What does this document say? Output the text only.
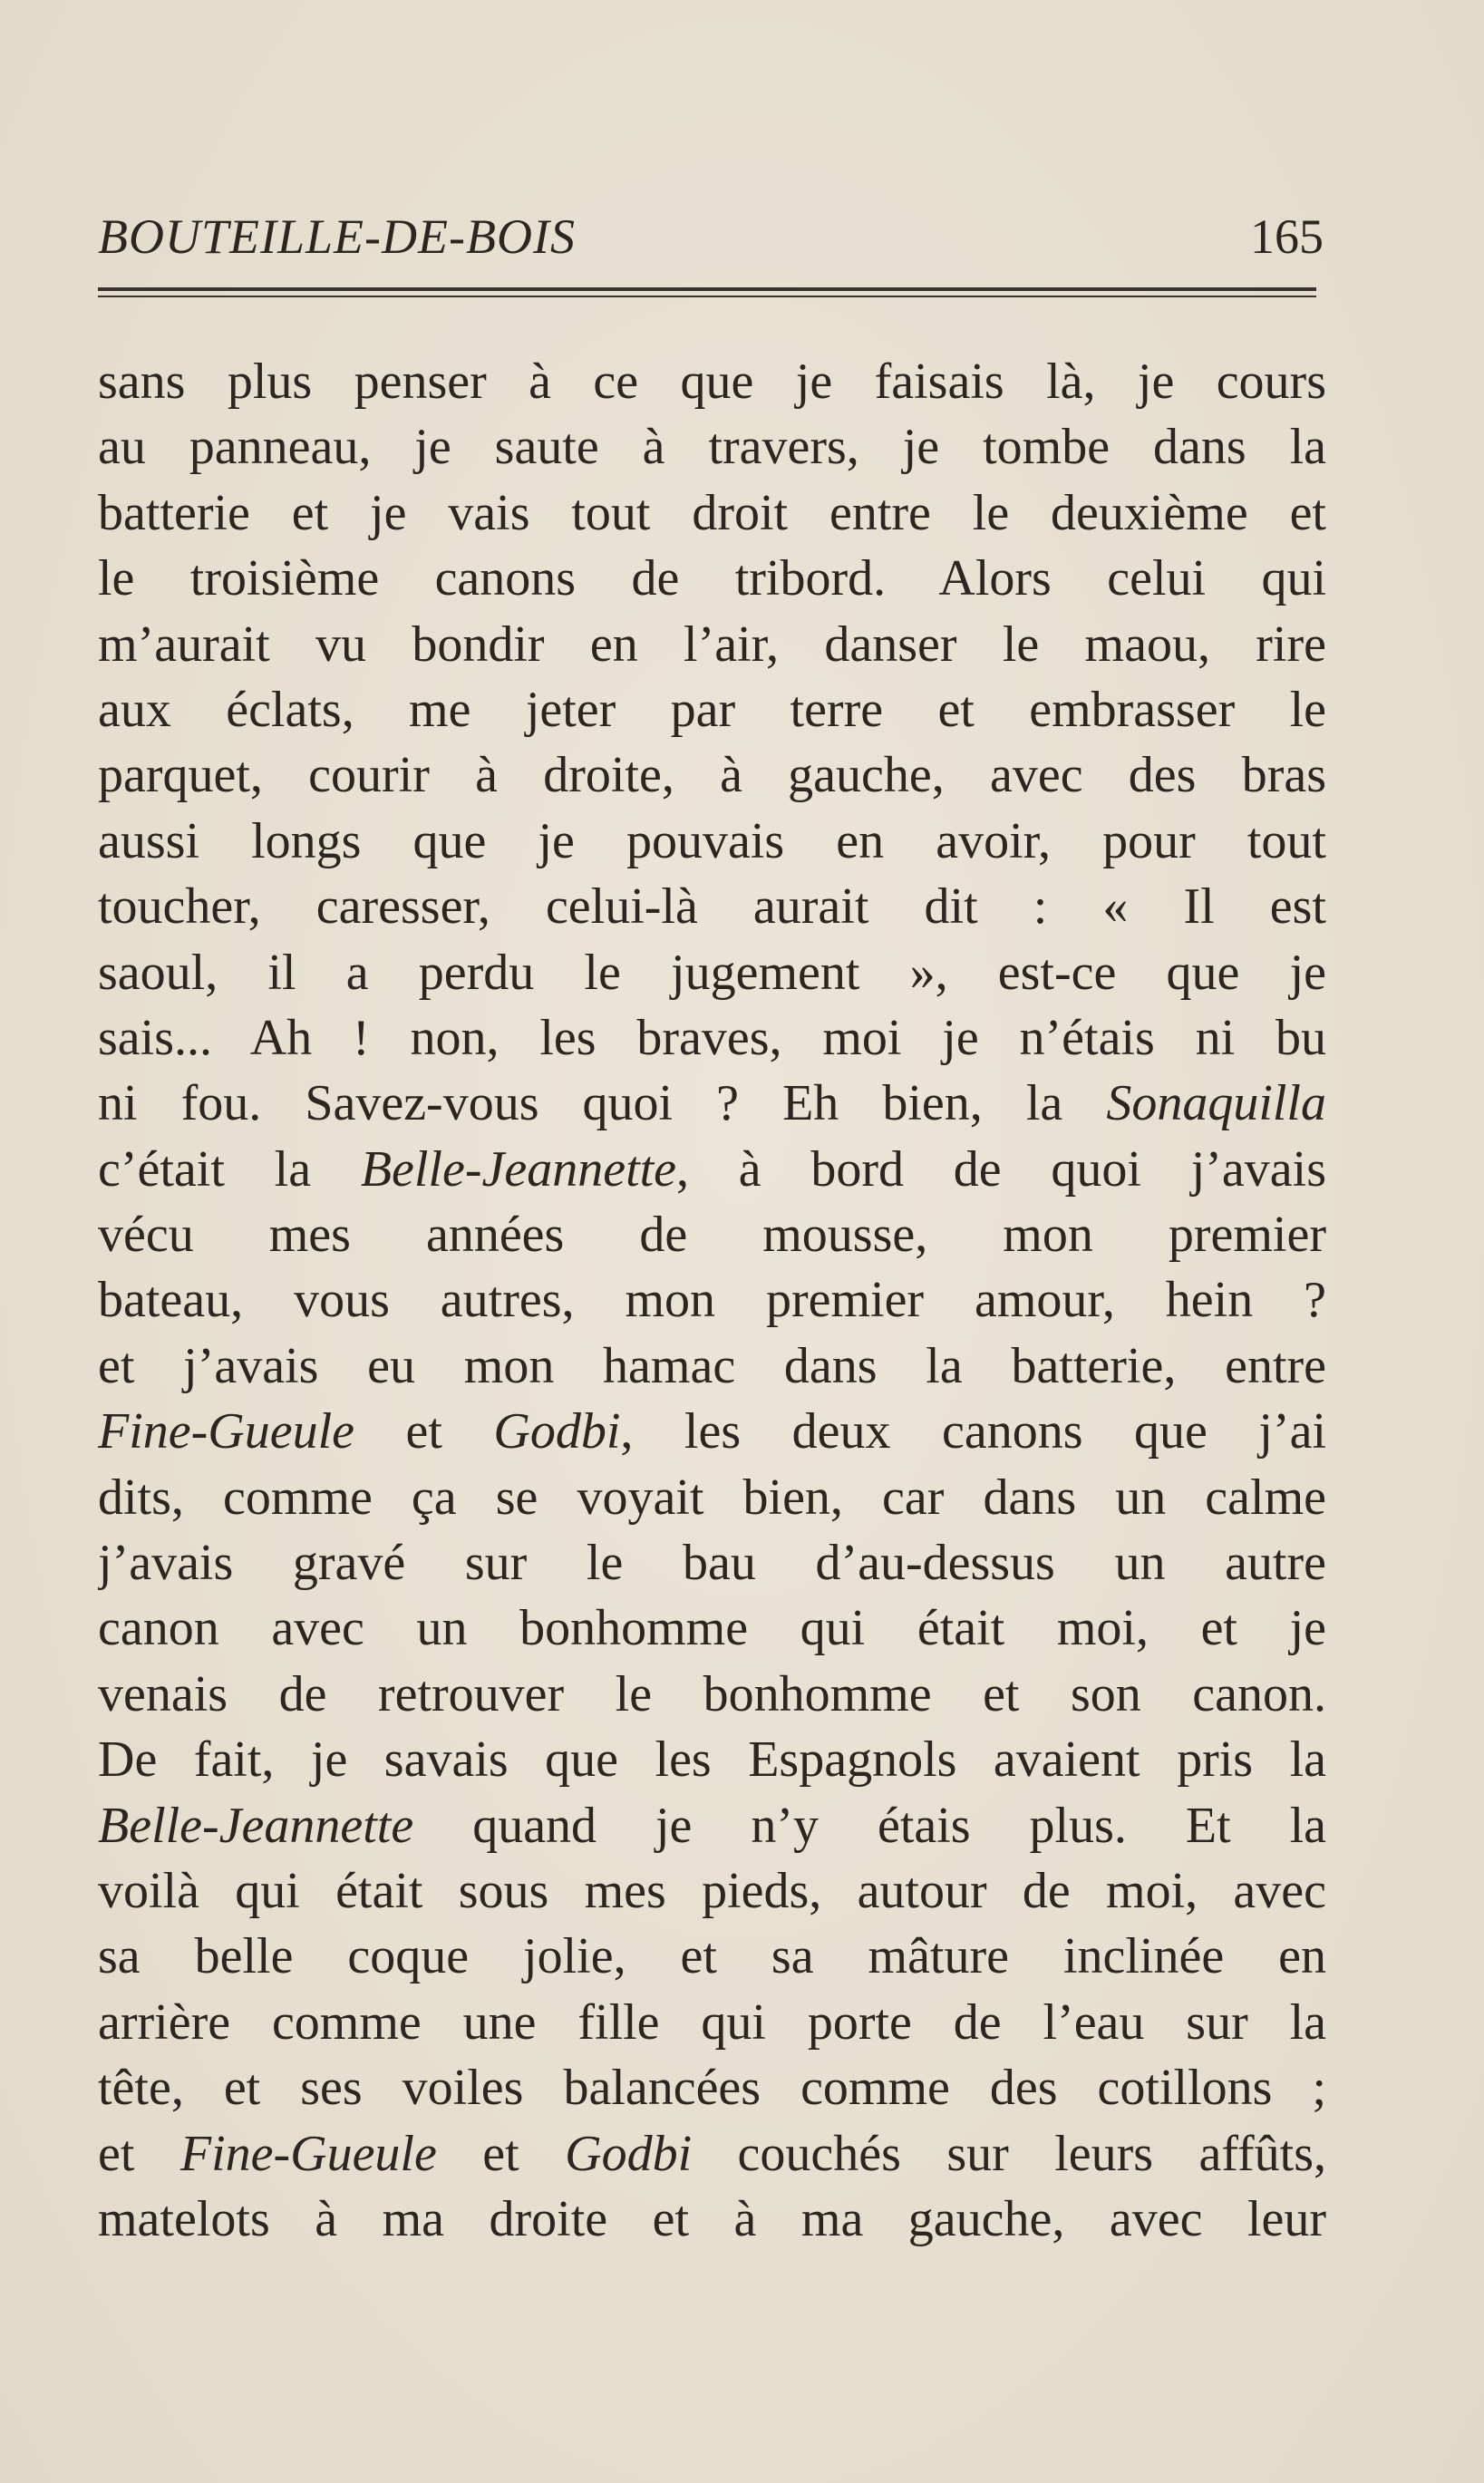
BOUTEILLE-DE-BOIS	165
sans plus penser à ce que je faisais là, je cours
au panneau, je saute à travers, je tombe dans la
batterie et je vais tout droit entre le deuxième et
le troisième canons de tribord. Alors celui qui
m’aurait vu bondir en l’air, danser le maou, rire
aux éclats, me jeter par terre et embrasser le
parquet, courir à droite, à gauche, avec des bras
aussi longs que je pouvais en avoir, pour tout
toucher, caresser, celui-là aurait dit : « Il est
saoul, il a perdu le jugement », est-ce que je
sais... Ah ! non, les braves, moi je n’étais ni bu
ni fou. Savez-vous quoi ? Eh bien, la Sonaquilla
c’était la Belle-Jeannette, à bord de quoi j’avais
vécu mes années de mousse, mon premier
bateau, vous autres, mon premier amour, hein ?
et j’avais eu mon hamac dans la batterie, entre
Fine-Gueule et Godbi, les deux canons que j’ai
dits, comme ça se voyait bien, car dans un calme
j’avais gravé sur le bau d’au-dessus un autre
canon avec un bonhomme qui était moi, et je
venais de retrouver le bonhomme et son canon.
De fait, je savais que les Espagnols avaient pris la
Belle-Jeannette quand je n’y étais plus. Et la
voilà qui était sous mes pieds, autour de moi, avec
sa belle coque jolie, et sa mâture inclinée en
arrière comme une fille qui porte de l’eau sur la
tête, et ses voiles balancées comme des cotillons ;
et Fine-Gueule et Godbi couchés sur leurs affûts,
matelots à ma droite et à ma gauche, avec leur
